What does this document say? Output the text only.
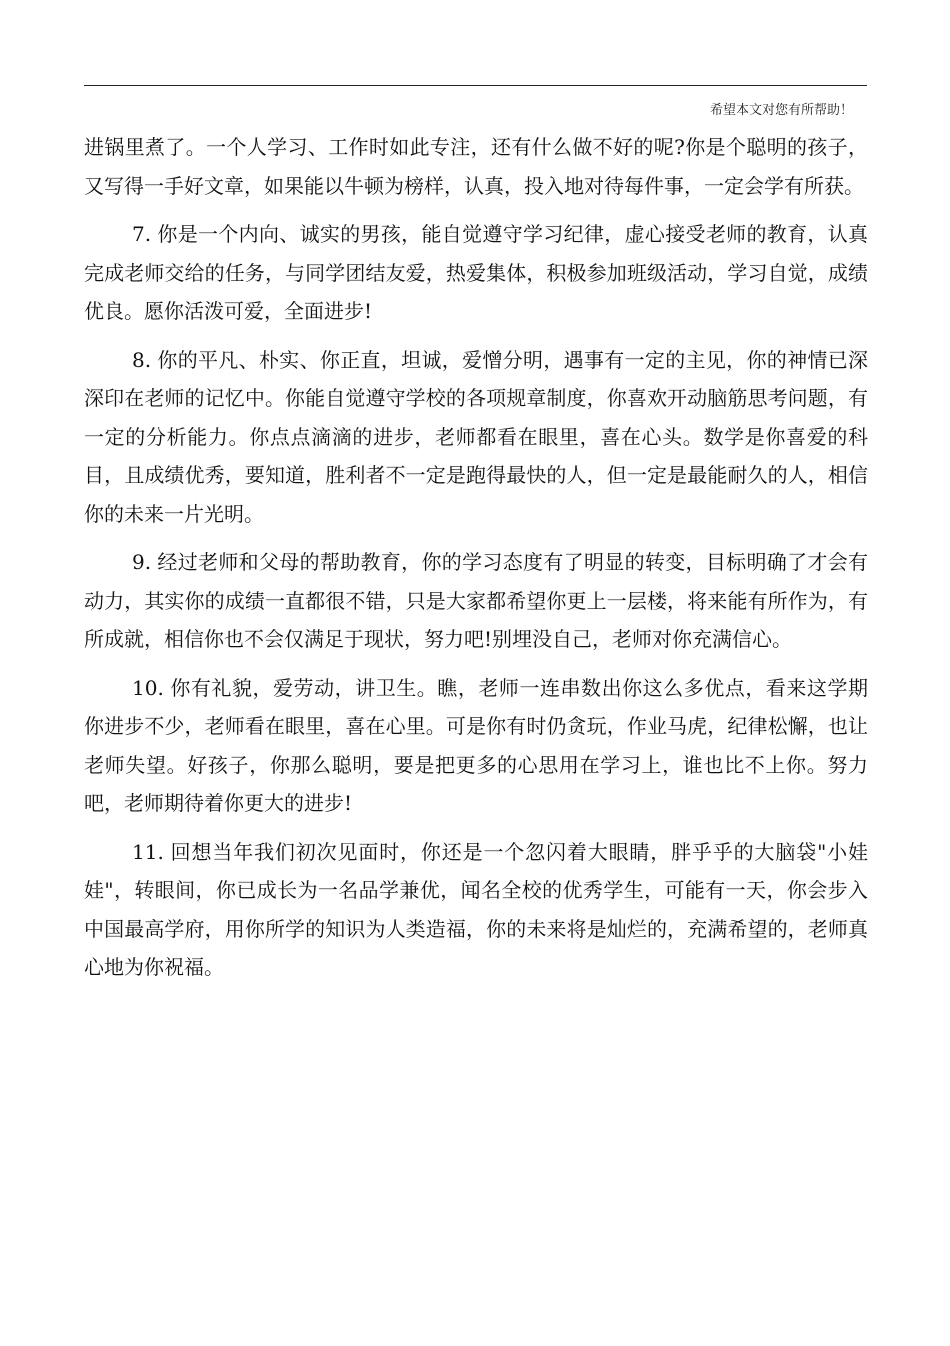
希望本文对您有所帮助！

进锅里煮了。一个人学习、工作时如此专注，还有什么做不好的呢?你是个聪明的孩子，又写得一手好文章，如果能以牛顿为榜样，认真，投入地对待每件事，一定会学有所获。

7. 你是一个内向、诚实的男孩，能自觉遵守学习纪律，虚心接受老师的教育，认真完成老师交给的任务，与同学团结友爱，热爱集体，积极参加班级活动，学习自觉，成绩优良。愿你活泼可爱，全面进步!

8. 你的平凡、朴实、你正直，坦诚，爱憎分明，遇事有一定的主见，你的神情已深深印在老师的记忆中。你能自觉遵守学校的各项规章制度，你喜欢开动脑筋思考问题，有一定的分析能力。你点点滴滴的进步，老师都看在眼里，喜在心头。数学是你喜爱的科目，且成绩优秀，要知道，胜利者不一定是跑得最快的人，但一定是最能耐久的人，相信你的未来一片光明。

9. 经过老师和父母的帮助教育，你的学习态度有了明显的转变，目标明确了才会有动力，其实你的成绩一直都很不错，只是大家都希望你更上一层楼，将来能有所作为，有所成就，相信你也不会仅满足于现状，努力吧!别埋没自己，老师对你充满信心。

10. 你有礼貌，爱劳动，讲卫生。瞧，老师一连串数出你这么多优点，看来这学期你进步不少，老师看在眼里，喜在心里。可是你有时仍贪玩，作业马虎，纪律松懈，也让老师失望。好孩子，你那么聪明，要是把更多的心思用在学习上，谁也比不上你。努力吧，老师期待着你更大的进步!

11. 回想当年我们初次见面时，你还是一个忽闪着大眼睛，胖乎乎的大脑袋"小娃娃"，转眼间，你已成长为一名品学兼优，闻名全校的优秀学生，可能有一天，你会步入中国最高学府，用你所学的知识为人类造福，你的未来将是灿烂的，充满希望的，老师真心地为你祝福。
